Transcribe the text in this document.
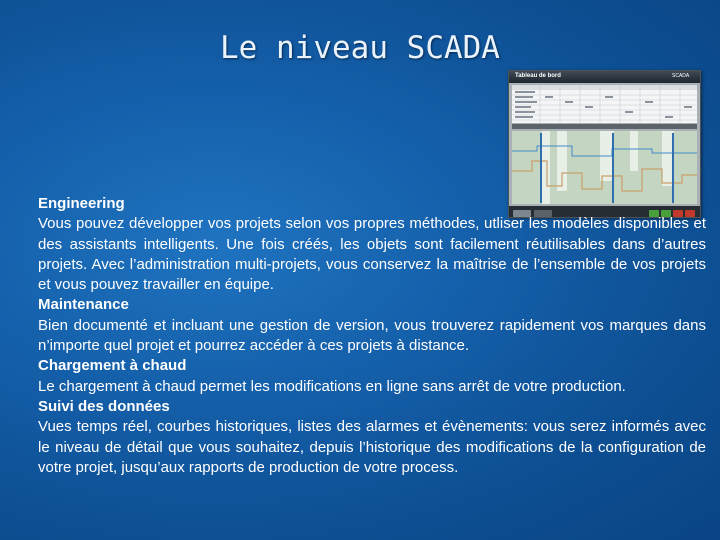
Le niveau SCADA
Tableau de bord	SCADA

Engineering

Vous pouvez développer vos projets selon vos propres méthodes, utliser les modèles disponibles et des assistants intelligents. Une fois créés, les objets sont facilement réutilisables dans d’autres projets. Avec l’administration multi-projets, vous conservez la maîtrise de l’ensemble de vos projets et vous pouvez travailler en équipe.

Maintenance

Bien documenté et incluant une gestion de version, vous trouverez rapidement vos marques dans n’importe quel projet et pourrez accéder à ces projets à distance.

Chargement à chaud

Le chargement à chaud permet les modifications en ligne sans arrêt de votre production.

Suivi des données

Vues temps réel, courbes historiques, listes des alarmes et évènements: vous serez informés avec le niveau de détail que vous souhaitez, depuis l’historique des modifications de la configuration de votre projet, jusqu’aux rapports de production de votre process.
